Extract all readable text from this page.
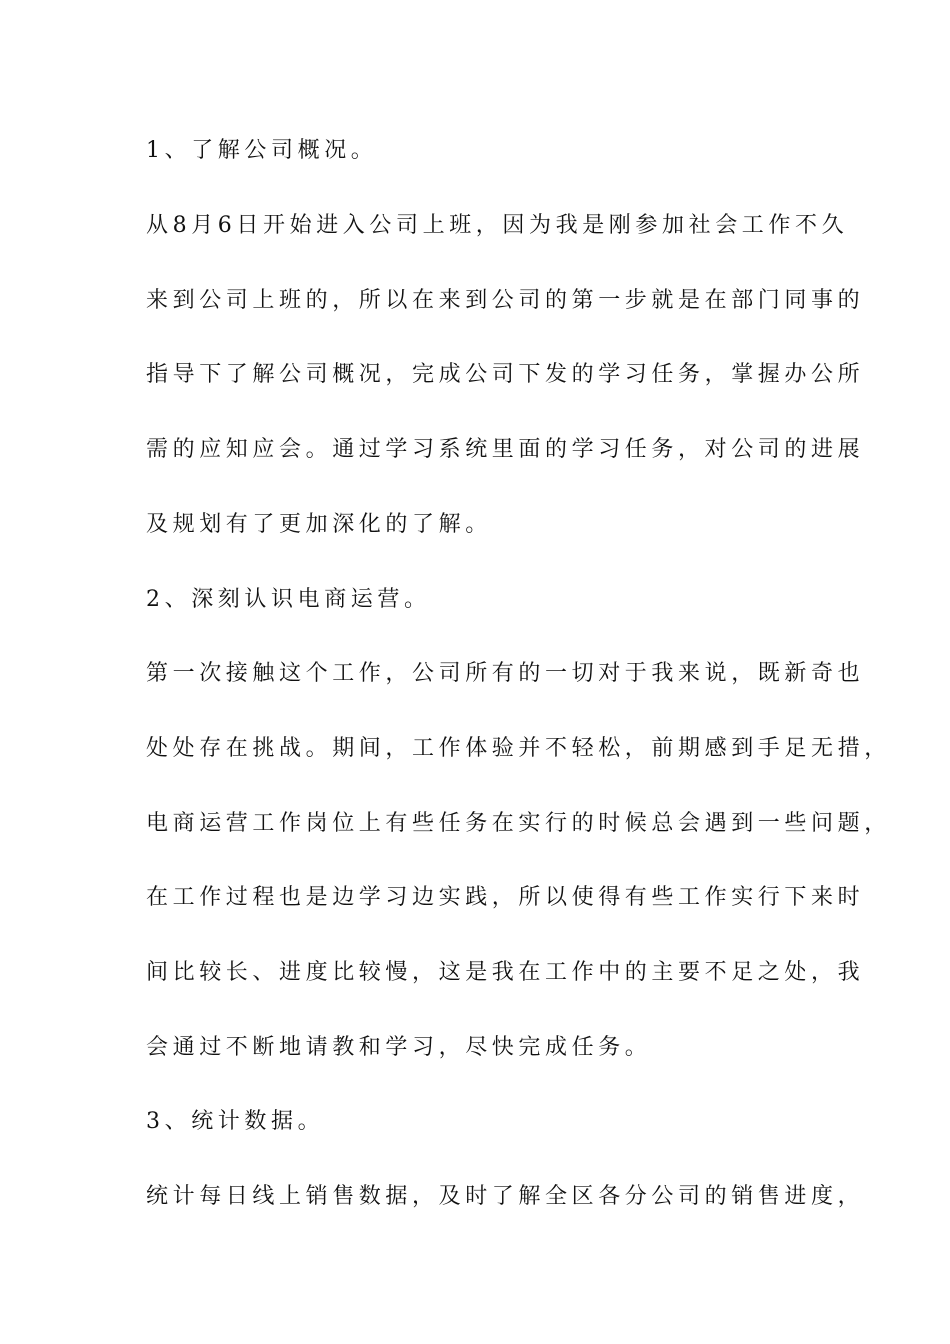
1、了解公司概况。

从8月6日开始进入公司上班，因为我是刚参加社会工作不久

来到公司上班的，所以在来到公司的第一步就是在部门同事的

指导下了解公司概况，完成公司下发的学习任务，掌握办公所

需的应知应会。通过学习系统里面的学习任务，对公司的进展

及规划有了更加深化的了解。

2、深刻认识电商运营。

第一次接触这个工作，公司所有的一切对于我来说，既新奇也

处处存在挑战。期间，工作体验并不轻松，前期感到手足无措，

电商运营工作岗位上有些任务在实行的时候总会遇到一些问题，

在工作过程也是边学习边实践，所以使得有些工作实行下来时

间比较长、进度比较慢，这是我在工作中的主要不足之处，我

会通过不断地请教和学习，尽快完成任务。

3、统计数据。

统计每日线上销售数据，及时了解全区各分公司的销售进度，
